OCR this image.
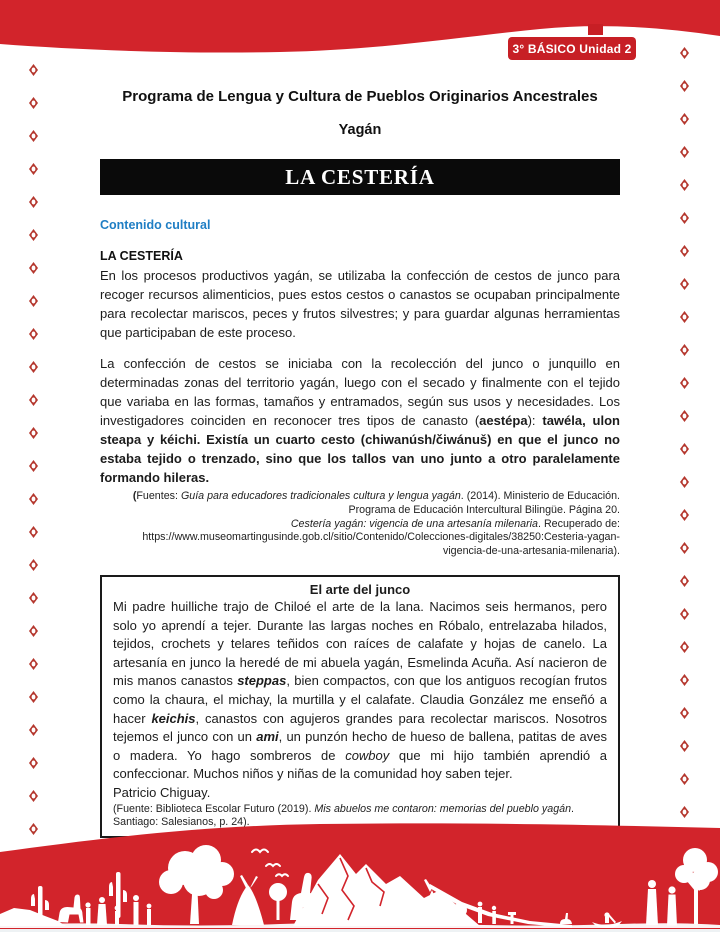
3° BÁSICO Unidad 2
Programa de Lengua y Cultura de Pueblos Originarios Ancestrales
Yagán
LA CESTERÍA
Contenido cultural
LA CESTERÍA

En los procesos productivos yagán, se utilizaba la confección de cestos de junco para recoger recursos alimenticios, pues estos cestos o canastos se ocupaban principalmente para recolectar mariscos, peces y frutos silvestres; y para guardar algunas herramientas que participaban de este proceso.

La confección de cestos se iniciaba con la recolección del junco o junquillo en determinadas zonas del territorio yagán, luego con el secado y finalmente con el tejido que variaba en las formas, tamaños y entramados, según sus usos y necesidades. Los investigadores coinciden en reconocer tres tipos de canasto (aestépa): tawéla, ulon steapa y kéichi. Existía un cuarto cesto (chiwanúsh/čiwánuš) en que el junco no estaba tejido o trenzado, sino que los tallos van uno junto a otro paralelamente formando hileras.

(Fuentes: Guía para educadores tradicionales cultura y lengua yagán. (2014). Ministerio de Educación. Programa de Educación Intercultural Bilingüe. Página 20.
Cestería yagán: vigencia de una artesanía milenaria. Recuperado de:
https://www.museomartingusinde.gob.cl/sitio/Contenido/Colecciones-digitales/38250:Cesteria-yagan-vigencia-de-una-artesania-milenaria).

El arte del junco

Mi padre huilliche trajo de Chiloé el arte de la lana. Nacimos seis hermanos, pero solo yo aprendí a tejer. Durante las largas noches en Róbalo, entrelazaba hilados, tejidos, crochets y telares teñidos con raíces de calafate y hojas de canelo. La artesanía en junco la heredé de mi abuela yagán, Esmelinda Acuña. Así nacieron de mis manos canastos steppas, bien compactos, con que los antiguos recogían frutos como la chaura, el michay, la murtilla y el calafate. Claudia González me enseñó a hacer keichis, canastos con agujeros grandes para recolectar mariscos. Nosotros tejemos el junco con un ami, un punzón hecho de hueso de ballena, patitas de aves o madera. Yo hago sombreros de cowboy que mi hijo también aprendió a confeccionar. Muchos niños y niñas de la comunidad hoy saben tejer.

Patricio Chiguay.

(Fuente: Biblioteca Escolar Futuro (2019). Mis abuelos me contaron: memorias del pueblo yagán. Santiago: Salesianos, p. 24).
